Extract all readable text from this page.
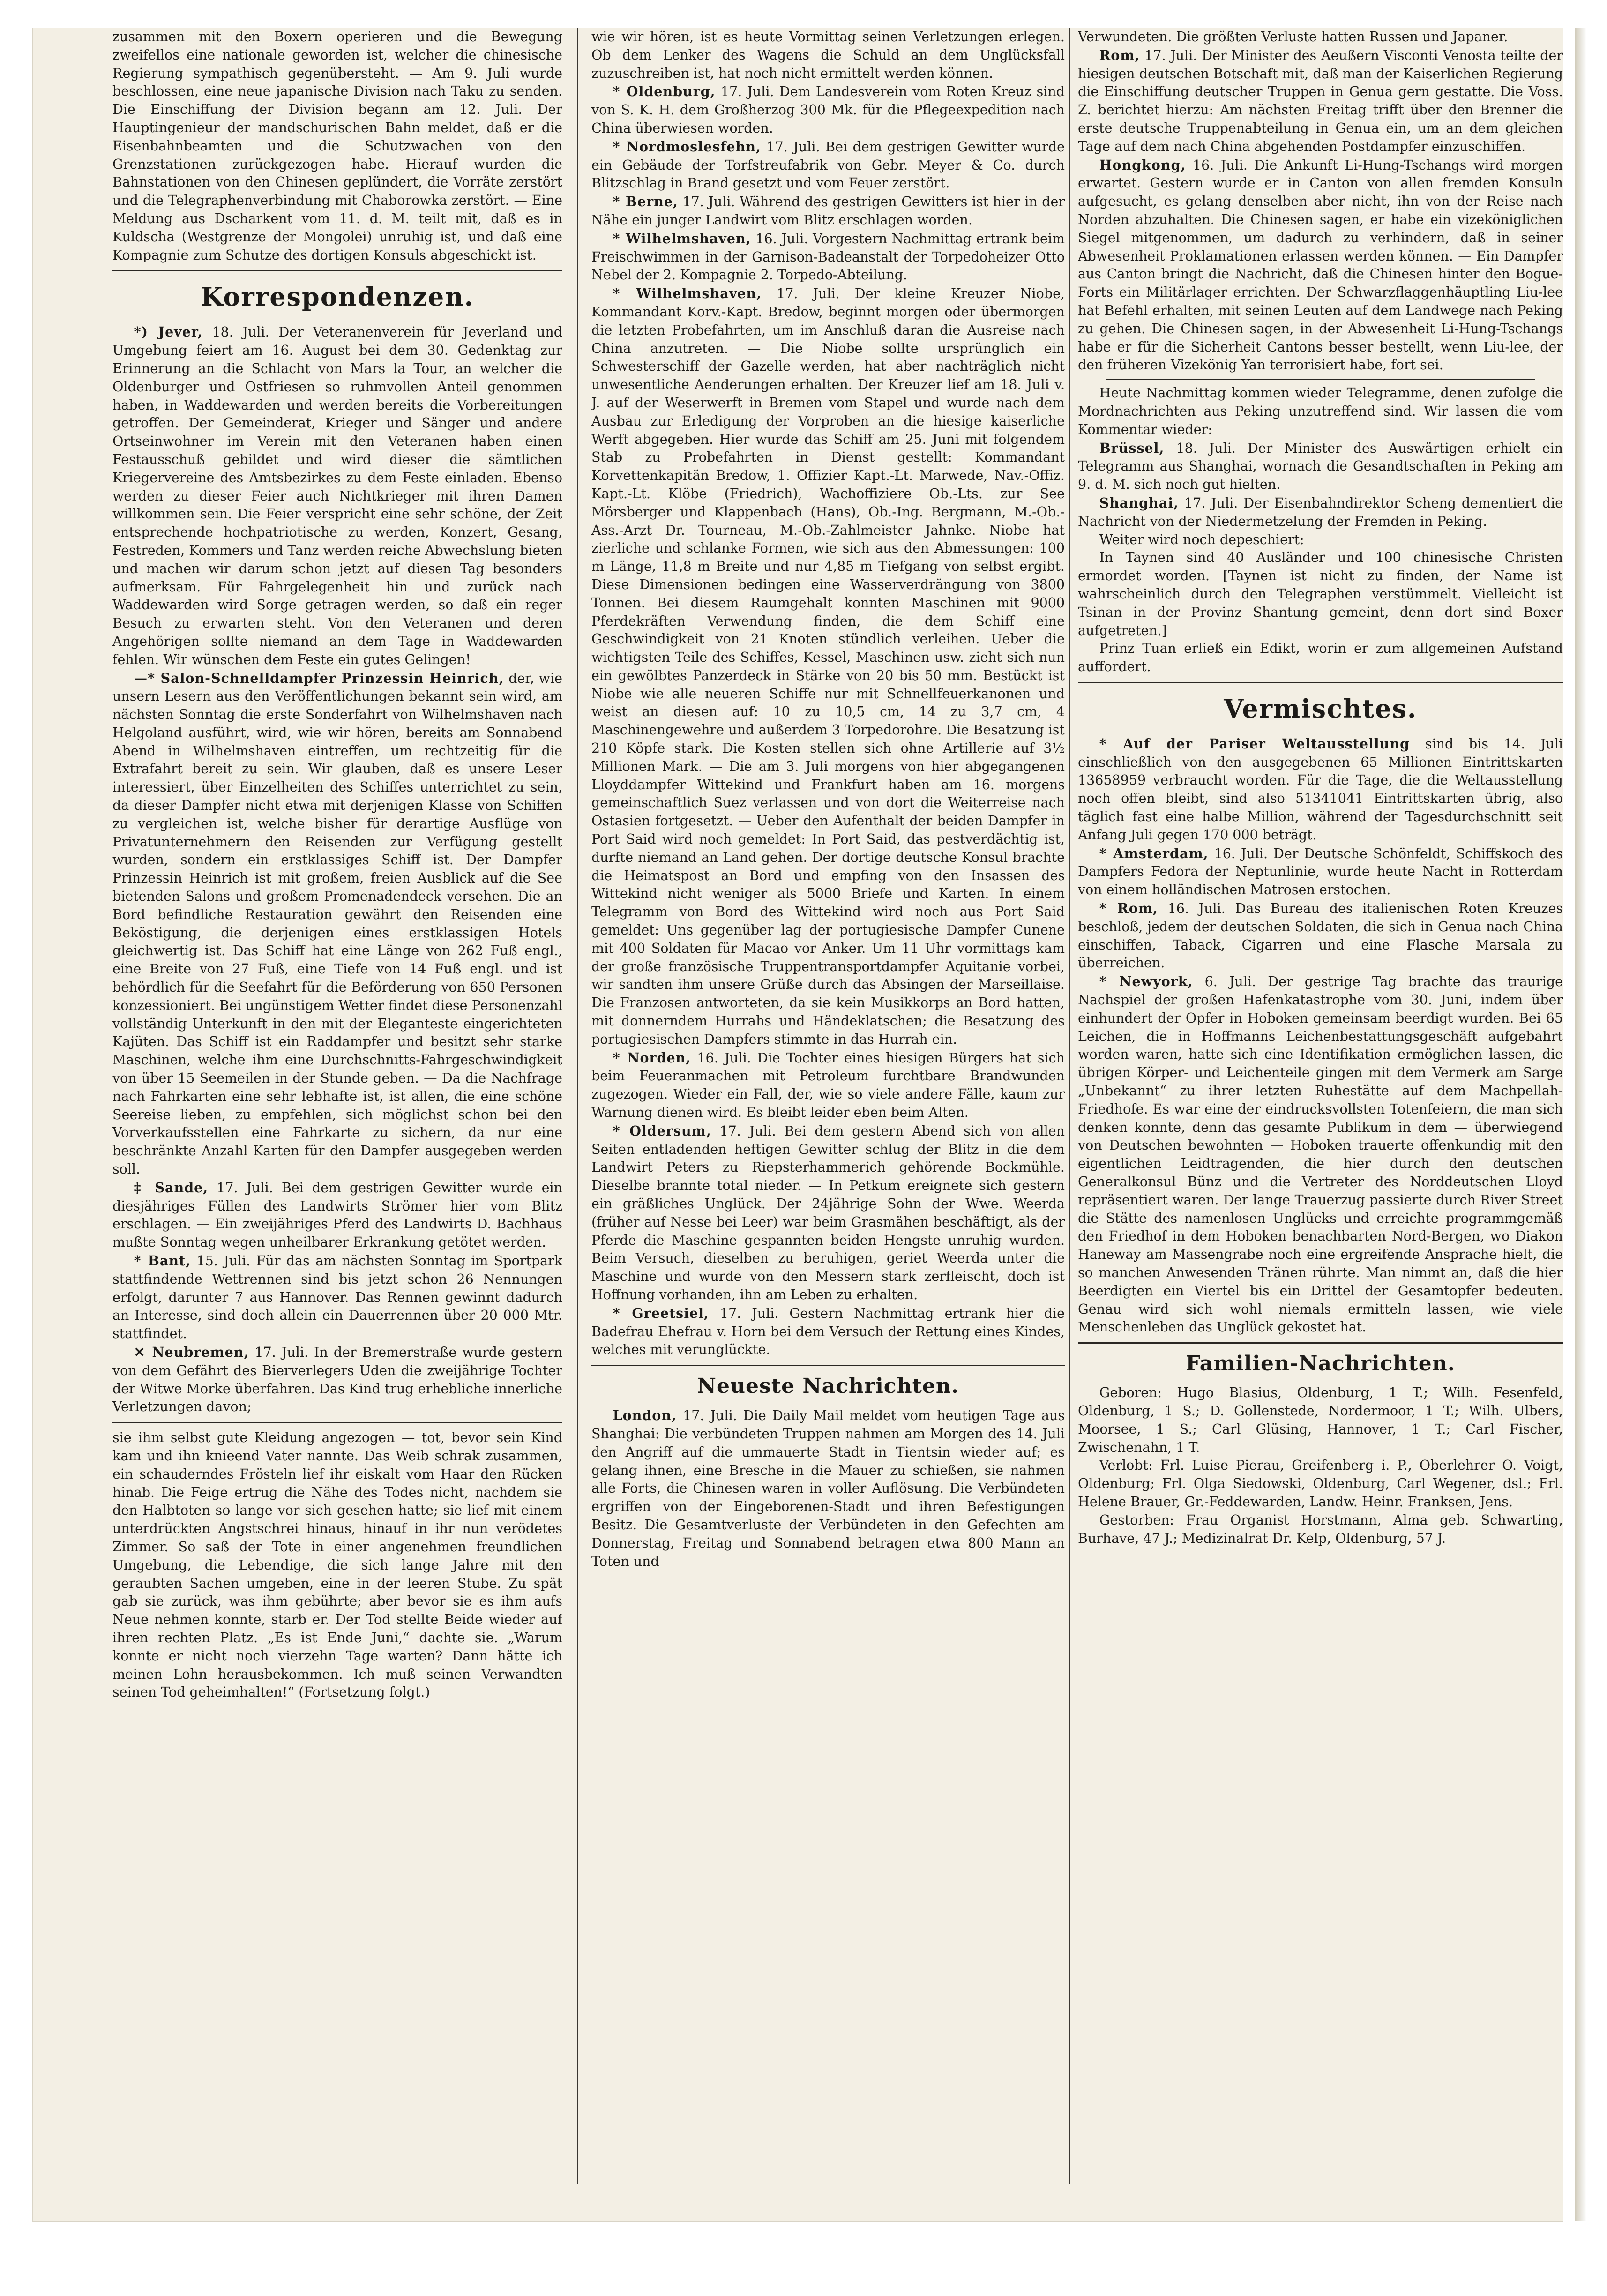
zusammen mit den Boxern operieren und die Bewegung zweifellos eine nationale geworden ist, welcher die chinesische Regierung sympathisch gegenübersteht. — Am 9. Juli wurde beschlossen, eine neue japanische Division nach Taku zu senden. Die Einschiffung der Division begann am 12. Juli. Der Hauptingenieur der mandschurischen Bahn meldet, daß er die Eisenbahnbeamten und die Schutzwachen von den Grenzstationen zurückgezogen habe. Hierauf wurden die Bahnstationen von den Chinesen geplündert, die Vorräte zerstört und die Telegraphenverbindung mit Chaborowka zerstört. — Eine Meldung aus Dscharkent vom 11. d. M. teilt mit, daß es in Kuldscha (Westgrenze der Mongolei) unruhig ist, und daß eine Kompagnie zum Schutze des dortigen Konsuls abgeschickt ist.

Korrespondenzen.

*) Jever, 18. Juli. Der Veteranenverein für Jeverland und Umgebung feiert am 16. August bei dem 30. Gedenktag zur Erinnerung an die Schlacht von Mars la Tour, an welcher die Oldenburger und Ostfriesen so ruhmvollen Anteil genommen haben, in Waddewarden und werden bereits die Vorbereitungen getroffen. Der Gemeinderat, Krieger und Sänger und andere Ortseinwohner im Verein mit den Veteranen haben einen Festausschuß gebildet und wird dieser die sämtlichen Kriegervereine des Amtsbezirkes zu dem Feste einladen. Ebenso werden zu dieser Feier auch Nichtkrieger mit ihren Damen willkommen sein. Die Feier verspricht eine sehr schöne, der Zeit entsprechende hochpatriotische zu werden, Konzert, Gesang, Festreden, Kommers und Tanz werden reiche Abwechslung bieten und machen wir darum schon jetzt auf diesen Tag besonders aufmerksam. Für Fahrgelegenheit hin und zurück nach Waddewarden wird Sorge getragen werden, so daß ein reger Besuch zu erwarten steht. Von den Veteranen und deren Angehörigen sollte niemand an dem Tage in Waddewarden fehlen. Wir wünschen dem Feste ein gutes Gelingen!

—* Salon-Schnelldampfer Prinzessin Heinrich, der, wie unsern Lesern aus den Veröffentlichungen bekannt sein wird, am nächsten Sonntag die erste Sonderfahrt von Wilhelmshaven nach Helgoland ausführt, wird, wie wir hören, bereits am Sonnabend Abend in Wilhelmshaven eintreffen, um rechtzeitig für die Extrafahrt bereit zu sein. Wir glauben, daß es unsere Leser interessiert, über Einzelheiten des Schiffes unterrichtet zu sein, da dieser Dampfer nicht etwa mit derjenigen Klasse von Schiffen zu vergleichen ist, welche bisher für derartige Ausflüge von Privatunternehmern den Reisenden zur Verfügung gestellt wurden, sondern ein erstklassiges Schiff ist. Der Dampfer Prinzessin Heinrich ist mit großem, freien Ausblick auf die See bietenden Salons und großem Promenadendeck versehen. Die an Bord befindliche Restauration gewährt den Reisenden eine Beköstigung, die derjenigen eines erstklassigen Hotels gleichwertig ist. Das Schiff hat eine Länge von 262 Fuß engl., eine Breite von 27 Fuß, eine Tiefe von 14 Fuß engl. und ist behördlich für die Seefahrt für die Beförderung von 650 Personen konzessioniert. Bei ungünstigem Wetter findet diese Personenzahl vollständig Unterkunft in den mit der Eleganteste eingerichteten Kajüten. Das Schiff ist ein Raddampfer und besitzt sehr starke Maschinen, welche ihm eine Durchschnitts-Fahrgeschwindigkeit von über 15 Seemeilen in der Stunde geben. — Da die Nachfrage nach Fahrkarten eine sehr lebhafte ist, ist allen, die eine schöne Seereise lieben, zu empfehlen, sich möglichst schon bei den Vorverkaufsstellen eine Fahrkarte zu sichern, da nur eine beschränkte Anzahl Karten für den Dampfer ausgegeben werden soll.

‡ Sande, 17. Juli. Bei dem gestrigen Gewitter wurde ein diesjähriges Füllen des Landwirts Strömer hier vom Blitz erschlagen. — Ein zweijähriges Pferd des Landwirts D. Bachhaus mußte Sonntag wegen unheilbarer Erkrankung getötet werden.

* Bant, 15. Juli. Für das am nächsten Sonntag im Sportpark stattfindende Wettrennen sind bis jetzt schon 26 Nennungen erfolgt, darunter 7 aus Hannover. Das Rennen gewinnt dadurch an Interesse, sind doch allein ein Dauerrennen über 20 000 Mtr. stattfindet.

✕ Neubremen, 17. Juli. In der Bremerstraße wurde gestern von dem Gefährt des Bierverlegers Uden die zweijährige Tochter der Witwe Morke überfahren. Das Kind trug erhebliche innerliche Verletzungen davon;

sie ihm selbst gute Kleidung angezogen — tot, bevor sein Kind kam und ihn knieend Vater nannte. Das Weib schrak zusammen, ein schauderndes Frösteln lief ihr eiskalt vom Haar den Rücken hinab. Die Feige ertrug die Nähe des Todes nicht, nachdem sie den Halbtoten so lange vor sich gesehen hatte; sie lief mit einem unterdrückten Angstschrei hinaus, hinauf in ihr nun verödetes Zimmer. So saß der Tote in einer angenehmen freundlichen Umgebung, die Lebendige, die sich lange Jahre mit den geraubten Sachen umgeben, eine in der leeren Stube. Zu spät gab sie zurück, was ihm gebührte; aber bevor sie es ihm aufs Neue nehmen konnte, starb er. Der Tod stellte Beide wieder auf ihren rechten Platz. „Es ist Ende Juni,“ dachte sie. „Warum konnte er nicht noch vierzehn Tage warten? Dann hätte ich meinen Lohn herausbekommen. Ich muß seinen Verwandten seinen Tod geheimhalten!“ (Fortsetzung folgt.)

wie wir hören, ist es heute Vormittag seinen Verletzungen erlegen. Ob dem Lenker des Wagens die Schuld an dem Unglücksfall zuzuschreiben ist, hat noch nicht ermittelt werden können.

* Oldenburg, 17. Juli. Dem Landesverein vom Roten Kreuz sind von S. K. H. dem Großherzog 300 Mk. für die Pflegeexpedition nach China überwiesen worden.

* Nordmoslesfehn, 17. Juli. Bei dem gestrigen Gewitter wurde ein Gebäude der Torfstreufabrik von Gebr. Meyer & Co. durch Blitzschlag in Brand gesetzt und vom Feuer zerstört.

* Berne, 17. Juli. Während des gestrigen Gewitters ist hier in der Nähe ein junger Landwirt vom Blitz erschlagen worden.

* Wilhelmshaven, 16. Juli. Vorgestern Nachmittag ertrank beim Freischwimmen in der Garnison-Badeanstalt der Torpedoheizer Otto Nebel der 2. Kompagnie 2. Torpedo-Abteilung.

* Wilhelmshaven, 17. Juli. Der kleine Kreuzer Niobe, Kommandant Korv.-Kapt. Bredow, beginnt morgen oder übermorgen die letzten Probefahrten, um im Anschluß daran die Ausreise nach China anzutreten. — Die Niobe sollte ursprünglich ein Schwesterschiff der Gazelle werden, hat aber nachträglich nicht unwesentliche Aenderungen erhalten. Der Kreuzer lief am 18. Juli v. J. auf der Weserwerft in Bremen vom Stapel und wurde nach dem Ausbau zur Erledigung der Vorproben an die hiesige kaiserliche Werft abgegeben. Hier wurde das Schiff am 25. Juni mit folgendem Stab zu Probefahrten in Dienst gestellt: Kommandant Korvettenkapitän Bredow, 1. Offizier Kapt.-Lt. Marwede, Nav.-Offiz. Kapt.-Lt. Klöbe (Friedrich), Wachoffiziere Ob.-Lts. zur See Mörsberger und Klappenbach (Hans), Ob.-Ing. Bergmann, M.-Ob.-Ass.-Arzt Dr. Tourneau, M.-Ob.-Zahlmeister Jahnke. Niobe hat zierliche und schlanke Formen, wie sich aus den Abmessungen: 100 m Länge, 11,8 m Breite und nur 4,85 m Tiefgang von selbst ergibt. Diese Dimensionen bedingen eine Wasserverdrängung von 3800 Tonnen. Bei diesem Raumgehalt konnten Maschinen mit 9000 Pferdekräften Verwendung finden, die dem Schiff eine Geschwindigkeit von 21 Knoten stündlich verleihen. Ueber die wichtigsten Teile des Schiffes, Kessel, Maschinen usw. zieht sich nun ein gewölbtes Panzerdeck in Stärke von 20 bis 50 mm. Bestückt ist Niobe wie alle neueren Schiffe nur mit Schnellfeuerkanonen und weist an diesen auf: 10 zu 10,5 cm, 14 zu 3,7 cm, 4 Maschinengewehre und außerdem 3 Torpedorohre. Die Besatzung ist 210 Köpfe stark. Die Kosten stellen sich ohne Artillerie auf 3½ Millionen Mark. — Die am 3. Juli morgens von hier abgegangenen Lloyddampfer Wittekind und Frankfurt haben am 16. morgens gemeinschaftlich Suez verlassen und von dort die Weiterreise nach Ostasien fortgesetzt. — Ueber den Aufenthalt der beiden Dampfer in Port Said wird noch gemeldet: In Port Said, das pestverdächtig ist, durfte niemand an Land gehen. Der dortige deutsche Konsul brachte die Heimatspost an Bord und empfing von den Insassen des Wittekind nicht weniger als 5000 Briefe und Karten. In einem Telegramm von Bord des Wittekind wird noch aus Port Said gemeldet: Uns gegenüber lag der portugiesische Dampfer Cunene mit 400 Soldaten für Macao vor Anker. Um 11 Uhr vormittags kam der große französische Truppentransportdampfer Aquitanie vorbei, wir sandten ihm unsere Grüße durch das Absingen der Marseillaise. Die Franzosen antworteten, da sie kein Musikkorps an Bord hatten, mit donnerndem Hurrahs und Händeklatschen; die Besatzung des portugiesischen Dampfers stimmte in das Hurrah ein.

* Norden, 16. Juli. Die Tochter eines hiesigen Bürgers hat sich beim Feueranmachen mit Petroleum furchtbare Brandwunden zugezogen. Wieder ein Fall, der, wie so viele andere Fälle, kaum zur Warnung dienen wird. Es bleibt leider eben beim Alten.

* Oldersum, 17. Juli. Bei dem gestern Abend sich von allen Seiten entladenden heftigen Gewitter schlug der Blitz in die dem Landwirt Peters zu Riepsterhammerich gehörende Bockmühle. Dieselbe brannte total nieder. — In Petkum ereignete sich gestern ein gräßliches Unglück. Der 24jährige Sohn der Wwe. Weerda (früher auf Nesse bei Leer) war beim Grasmähen beschäftigt, als der Pferde die Maschine gespannten beiden Hengste unruhig wurden. Beim Versuch, dieselben zu beruhigen, geriet Weerda unter die Maschine und wurde von den Messern stark zerfleischt, doch ist Hoffnung vorhanden, ihn am Leben zu erhalten.

* Greetsiel, 17. Juli. Gestern Nachmittag ertrank hier die Badefrau Ehefrau v. Horn bei dem Versuch der Rettung eines Kindes, welches mit verunglückte.

Neueste Nachrichten.

London, 17. Juli. Die Daily Mail meldet vom heutigen Tage aus Shanghai: Die verbündeten Truppen nahmen am Morgen des 14. Juli den Angriff auf die ummauerte Stadt in Tientsin wieder auf; es gelang ihnen, eine Bresche in die Mauer zu schießen, sie nahmen alle Forts, die Chinesen waren in voller Auflösung. Die Verbündeten ergriffen von der Eingeborenen-Stadt und ihren Befestigungen Besitz. Die Gesamtverluste der Verbündeten in den Gefechten am Donnerstag, Freitag und Sonnabend betragen etwa 800 Mann an Toten und

Verwundeten. Die größten Verluste hatten Russen und Japaner.

Rom, 17. Juli. Der Minister des Aeußern Visconti Venosta teilte der hiesigen deutschen Botschaft mit, daß man der Kaiserlichen Regierung die Einschiffung deutscher Truppen in Genua gern gestatte. Die Voss. Z. berichtet hierzu: Am nächsten Freitag trifft über den Brenner die erste deutsche Truppenabteilung in Genua ein, um an dem gleichen Tage auf dem nach China abgehenden Postdampfer einzuschiffen.

Hongkong, 16. Juli. Die Ankunft Li-Hung-Tschangs wird morgen erwartet. Gestern wurde er in Canton von allen fremden Konsuln aufgesucht, es gelang denselben aber nicht, ihn von der Reise nach Norden abzuhalten. Die Chinesen sagen, er habe ein vizeköniglichen Siegel mitgenommen, um dadurch zu verhindern, daß in seiner Abwesenheit Proklamationen erlassen werden können. — Ein Dampfer aus Canton bringt die Nachricht, daß die Chinesen hinter den Bogue-Forts ein Militärlager errichten. Der Schwarzflaggenhäuptling Liu-lee hat Befehl erhalten, mit seinen Leuten auf dem Landwege nach Peking zu gehen. Die Chinesen sagen, in der Abwesenheit Li-Hung-Tschangs habe er für die Sicherheit Cantons besser bestellt, wenn Liu-lee, der den früheren Vizekönig Yan terrorisiert habe, fort sei.

Heute Nachmittag kommen wieder Telegramme, denen zufolge die Mordnachrichten aus Peking unzutreffend sind. Wir lassen die vom Kommentar wieder:

Brüssel, 18. Juli. Der Minister des Auswärtigen erhielt ein Telegramm aus Shanghai, wornach die Gesandtschaften in Peking am 9. d. M. sich noch gut hielten.

Shanghai, 17. Juli. Der Eisenbahndirektor Scheng dementiert die Nachricht von der Niedermetzelung der Fremden in Peking.

Weiter wird noch depeschiert:

In Taynen sind 40 Ausländer und 100 chinesische Christen ermordet worden. [Taynen ist nicht zu finden, der Name ist wahrscheinlich durch den Telegraphen verstümmelt. Vielleicht ist Tsinan in der Provinz Shantung gemeint, denn dort sind Boxer aufgetreten.]

Prinz Tuan erließ ein Edikt, worin er zum allgemeinen Aufstand auffordert.

Vermischtes.

* Auf der Pariser Weltausstellung sind bis 14. Juli einschließlich von den ausgegebenen 65 Millionen Eintrittskarten 13658959 verbraucht worden. Für die Tage, die die Weltausstellung noch offen bleibt, sind also 51341041 Eintrittskarten übrig, also täglich fast eine halbe Million, während der Tagesdurchschnitt seit Anfang Juli gegen 170 000 beträgt.

* Amsterdam, 16. Juli. Der Deutsche Schönfeldt, Schiffskoch des Dampfers Fedora der Neptunlinie, wurde heute Nacht in Rotterdam von einem holländischen Matrosen erstochen.

* Rom, 16. Juli. Das Bureau des italienischen Roten Kreuzes beschloß, jedem der deutschen Soldaten, die sich in Genua nach China einschiffen, Taback, Cigarren und eine Flasche Marsala zu überreichen.

* Newyork, 6. Juli. Der gestrige Tag brachte das traurige Nachspiel der großen Hafenkatastrophe vom 30. Juni, indem über einhundert der Opfer in Hoboken gemeinsam beerdigt wurden. Bei 65 Leichen, die in Hoffmanns Leichenbestattungsgeschäft aufgebahrt worden waren, hatte sich eine Identifikation ermöglichen lassen, die übrigen Körper- und Leichenteile gingen mit dem Vermerk am Sarge „Unbekannt“ zu ihrer letzten Ruhestätte auf dem Machpellah-Friedhofe. Es war eine der eindrucksvollsten Totenfeiern, die man sich denken konnte, denn das gesamte Publikum in dem — überwiegend von Deutschen bewohnten — Hoboken trauerte offenkundig mit den eigentlichen Leidtragenden, die hier durch den deutschen Generalkonsul Bünz und die Vertreter des Norddeutschen Lloyd repräsentiert waren. Der lange Trauerzug passierte durch River Street die Stätte des namenlosen Unglücks und erreichte programmgemäß den Friedhof in dem Hoboken benachbarten Nord-Bergen, wo Diakon Haneway am Massengrabe noch eine ergreifende Ansprache hielt, die so manchen Anwesenden Tränen rührte. Man nimmt an, daß die hier Beerdigten ein Viertel bis ein Drittel der Gesamtopfer bedeuten. Genau wird sich wohl niemals ermitteln lassen, wie viele Menschenleben das Unglück gekostet hat.

Familien-Nachrichten.

Geboren: Hugo Blasius, Oldenburg, 1 T.; Wilh. Fesenfeld, Oldenburg, 1 S.; D. Gollenstede, Nordermoor, 1 T.; Wilh. Ulbers, Moorsee, 1 S.; Carl Glüsing, Hannover, 1 T.; Carl Fischer, Zwischenahn, 1 T.

Verlobt: Frl. Luise Pierau, Greifenberg i. P., Oberlehrer O. Voigt, Oldenburg; Frl. Olga Siedowski, Oldenburg, Carl Wegener, dsl.; Frl. Helene Brauer, Gr.-Feddewarden, Landw. Heinr. Franksen, Jens.

Gestorben: Frau Organist Horstmann, Alma geb. Schwarting, Burhave, 47 J.; Medizinalrat Dr. Kelp, Oldenburg, 57 J.
